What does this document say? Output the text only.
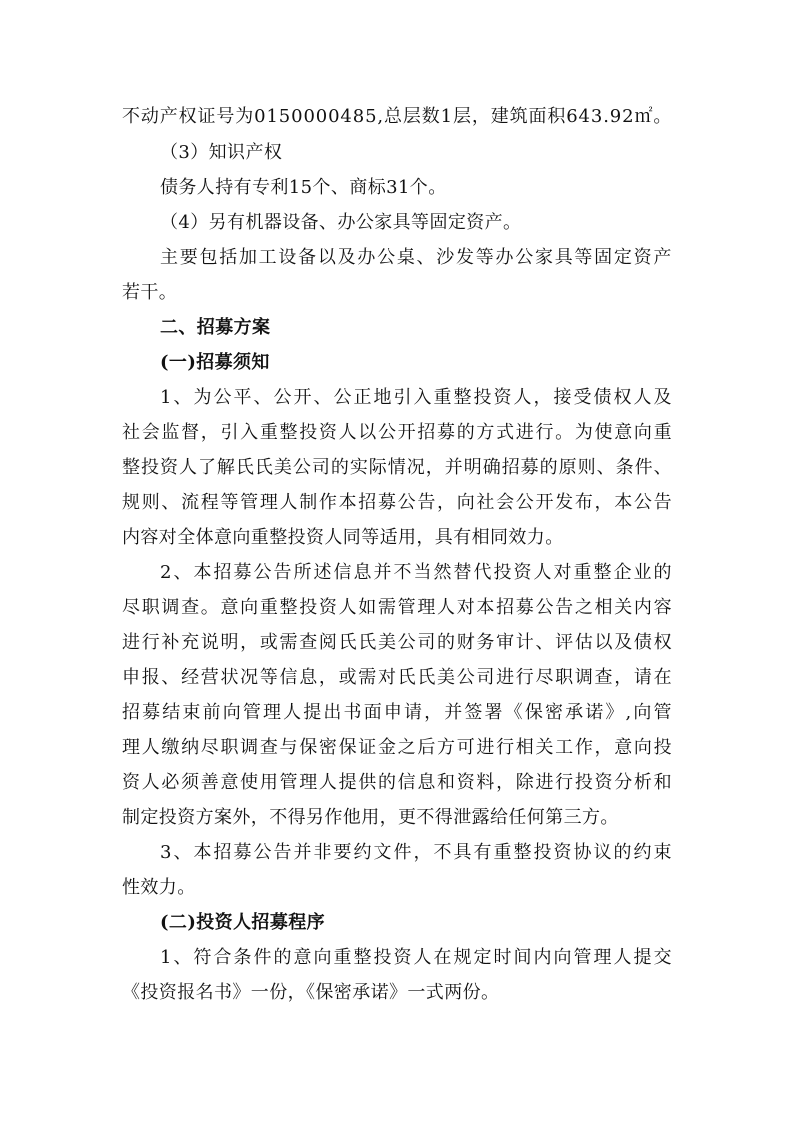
不 动 产 权 证 号 为 0 1 5 0 0 0 0 4 8 5 , 总 层 数 1 层 ， 建 筑 面 积 6 4 3 . 9 2 ㎡ 。

（3）知识产权

债务人持有专利15个、商标31个。

（4）另有机器设备、办公家具等固定资产。

主 要 包 括 加 工 设 备 以 及 办 公 桌 、 沙 发 等 办 公 家 具 等 固 定 资 产

若干。

二、招募方案

(一)招募须知

1 、 为 公 平 、 公 开 、 公 正 地 引 入 重 整 投 资 人 ， 接 受 债 权 人 及

社 会 监 督 ， 引 入 重 整 投 资 人 以 公 开 招 募 的 方 式 进 行 。 为 使 意 向 重

整 投 资 人 了 解 氏 氏 美 公 司 的 实 际 情 况 ， 并 明 确 招 募 的 原 则 、 条 件 、

规 则 、 流 程 等 管 理 人 制 作 本 招 募 公 告 ， 向 社 会 公 开 发 布 ， 本 公 告

内容对全体意向重整投资人同等适用，具有相同效力。

2 、 本 招 募 公 告 所 述 信 息 并 不 当 然 替 代 投 资 人 对 重 整 企 业 的

尽 职 调 查 。 意 向 重 整 投 资 人 如 需 管 理 人 对 本 招 募 公 告 之 相 关 内 容

进 行 补 充 说 明 ， 或 需 查 阅 氏 氏 美 公 司 的 财 务 审 计 、 评 估 以 及 债 权

申 报 、 经 营 状 况 等 信 息 ， 或 需 对 氏 氏 美 公 司 进 行 尽 职 调 查 ， 请 在

招 募 结 束 前 向 管 理 人 提 出 书 面 申 请 ， 并 签 署 《 保 密 承 诺 》 , 向 管

理 人 缴 纳 尽 职 调 查 与 保 密 保 证 金 之 后 方 可 进 行 相 关 工 作 ， 意 向 投

资 人 必 须 善 意 使 用 管 理 人 提 供 的 信 息 和 资 料 ， 除 进 行 投 资 分 析 和

制定投资方案外，不得另作他用，更不得泄露给任何第三方。

3 、 本 招 募 公 告 并 非 要 约 文 件 ， 不 具 有 重 整 投 资 协 议 的 约 束

性效力。

(二)投资人招募程序

1 、 符 合 条 件 的 意 向 重 整 投 资 人 在 规 定 时 间 内 向 管 理 人 提 交

《投资报名书》一份，《保密承诺》一式两份。
